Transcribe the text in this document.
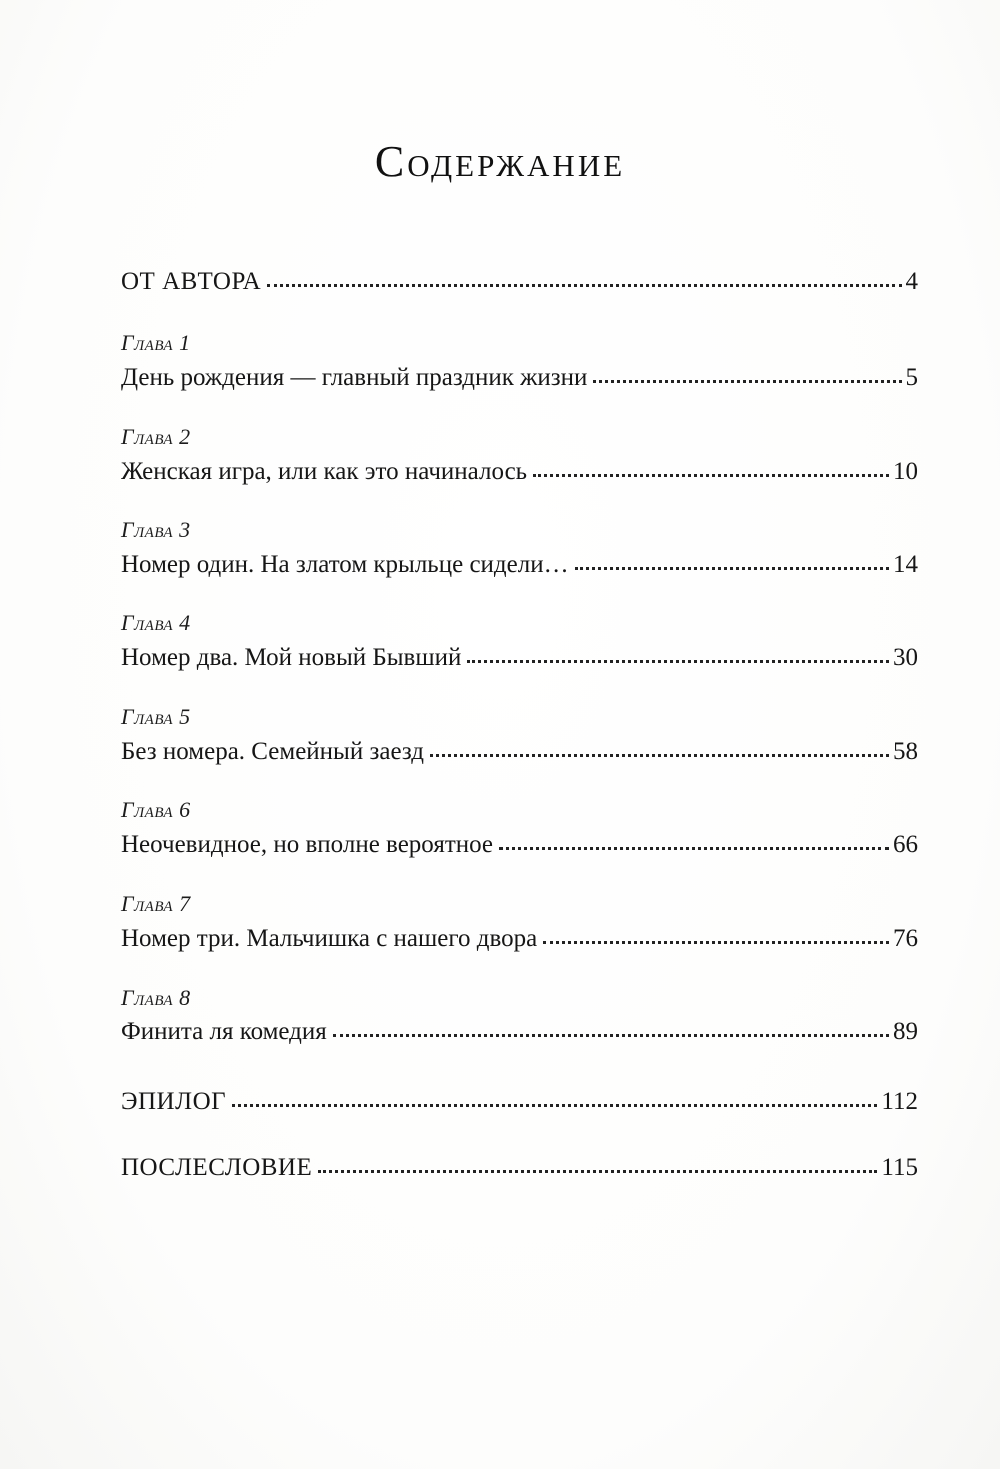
Содержание
ОТ АВТОРА	4
Глава 1
День рождения — главный праздник жизни	5
Глава 2
Женская игра, или как это начиналось	10
Глава 3
Номер один. На златом крыльце сидели…	14
Глава 4
Номер два. Мой новый Бывший	30
Глава 5
Без номера. Семейный заезд	58
Глава 6
Неочевидное, но вполне вероятное	66
Глава 7
Номер три. Мальчишка с нашего двора	76
Глава 8
Финита ля комедия	89
ЭПИЛОГ	112
ПОСЛЕСЛОВИЕ	115
